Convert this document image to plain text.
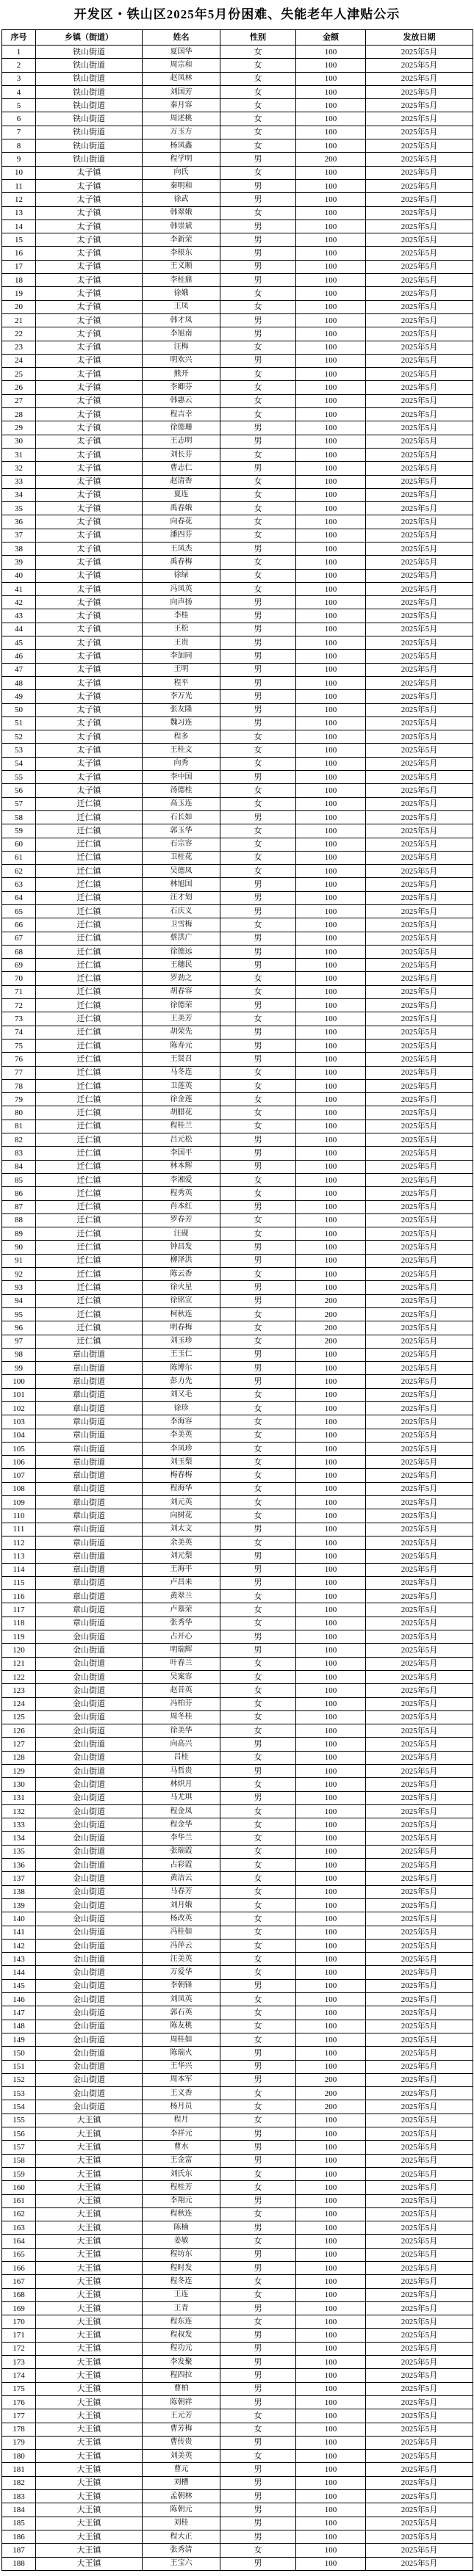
开发区・铁山区2025年5月份困难、失能老年人津贴公示
序号	乡镇（街道）	姓名	性别	金额	发放日期
1	铁山街道	夏国华	女	100	2025年5月
2	铁山街道	周宗和	女	100	2025年5月
3	铁山街道	赵凤林	女	100	2025年5月
4	铁山街道	刘国芳	女	100	2025年5月
5	铁山街道	秦月容	女	100	2025年5月
6	铁山街道	周述桃	女	100	2025年5月
7	铁山街道	万玉方	女	100	2025年5月
8	铁山街道	杨凤鑫	女	100	2025年5月
9	铁山街道	程学明	男	200	2025年5月
10	太子镇	向氏	女	100	2025年5月
11	太子镇	秦明和	男	100	2025年5月
12	太子镇	徐武	男	100	2025年5月
13	太子镇	韩翠娥	女	100	2025年5月
14	太子镇	韩崇斌	男	100	2025年5月
15	太子镇	李新荣	男	100	2025年5月
16	太子镇	李根东	男	100	2025年5月
17	太子镇	王义顺	男	100	2025年5月
18	太子镇	李桂鼎	男	100	2025年5月
19	太子镇	徐娥	女	100	2025年5月
20	太子镇	王凤	女	100	2025年5月
21	太子镇	韩才凤	男	100	2025年5月
22	太子镇	李旭南	男	100	2025年5月
23	太子镇	汪梅	女	100	2025年5月
24	太子镇	明欢兴	男	100	2025年5月
25	太子镇	熊开	女	100	2025年5月
26	太子镇	李卿芬	女	100	2025年5月
27	太子镇	韩惠云	女	100	2025年5月
28	太子镇	程吉幸	女	100	2025年5月
29	太子镇	徐德珊	男	100	2025年5月
30	太子镇	王志明	男	100	2025年5月
31	太子镇	刘长芬	女	100	2025年5月
32	太子镇	曹志仁	男	100	2025年5月
33	太子镇	赵清香	女	100	2025年5月
34	太子镇	夏连	女	100	2025年5月
35	太子镇	禹春娥	女	100	2025年5月
36	太子镇	向春花	女	100	2025年5月
37	太子镇	潘四芬	女	100	2025年5月
38	太子镇	王凤杰	男	100	2025年5月
39	太子镇	禹春梅	女	100	2025年5月
40	太子镇	徐绿	女	100	2025年5月
41	太子镇	冯凤英	女	100	2025年5月
42	太子镇	向声扬	男	100	2025年5月
43	太子镇	李桂	男	100	2025年5月
44	太子镇	王松	男	100	2025年5月
45	太子镇	王贵	男	100	2025年5月
46	太子镇	李加同	男	100	2025年5月
47	太子镇	王明	男	100	2025年5月
48	太子镇	程平	男	100	2025年5月
49	太子镇	李万光	男	100	2025年5月
50	太子镇	张友隆	男	100	2025年5月
51	太子镇	魏习连	男	100	2025年5月
52	太子镇	程多	女	100	2025年5月
53	太子镇	王桂文	女	100	2025年5月
54	太子镇	向秀	女	100	2025年5月
55	太子镇	李中国	男	100	2025年5月
56	太子镇	汤德桂	女	100	2025年5月
57	迁仁镇	高玉连	女	100	2025年5月
58	迁仁镇	石长如	男	100	2025年5月
59	迁仁镇	郭玉华	女	100	2025年5月
60	迁仁镇	石宗容	女	100	2025年5月
61	迁仁镇	卫桂花	女	100	2025年5月
62	迁仁镇	吴德凤	女	100	2025年5月
63	迁仁镇	林旭国	男	100	2025年5月
64	迁仁镇	汪才划	男	100	2025年5月
65	迁仁镇	石庆义	男	100	2025年5月
66	迁仁镇	卫雪梅	女	100	2025年5月
67	迁仁镇	蔡洪广	男	100	2025年5月
68	迁仁镇	徐德远	男	100	2025年5月
69	迁仁镇	王穗民	男	100	2025年5月
70	迁仁镇	罗劲之	女	100	2025年5月
71	迁仁镇	胡春容	女	100	2025年5月
72	迁仁镇	徐德荣	男	100	2025年5月
73	迁仁镇	王美芳	女	100	2025年5月
74	迁仁镇	胡荣先	男	100	2025年5月
75	迁仁镇	陈寿元	男	100	2025年5月
76	迁仁镇	王贤召	男	100	2025年5月
77	迁仁镇	马冬连	女	100	2025年5月
78	迁仁镇	卫莲英	女	100	2025年5月
79	迁仁镇	徐金莲	女	100	2025年5月
80	迁仁镇	胡腊花	女	100	2025年5月
81	迁仁镇	程桂兰	女	100	2025年5月
82	迁仁镇	吕元松	男	100	2025年5月
83	迁仁镇	李国平	男	100	2025年5月
84	迁仁镇	林本辉	男	100	2025年5月
85	迁仁镇	李湘爱	女	100	2025年5月
86	迁仁镇	程秀英	女	100	2025年5月
87	迁仁镇	肖本红	男	100	2025年5月
88	迁仁镇	罗春芳	女	100	2025年5月
89	迁仁镇	汪砚	女	100	2025年5月
90	迁仁镇	钟昌发	男	100	2025年5月
91	迁仁镇	柳泽洪	男	100	2025年5月
92	迁仁镇	陈云香	女	100	2025年5月
93	迁仁镇	徐火星	男	100	2025年5月
94	迁仁镇	徐铭宣	男	200	2025年5月
95	迁仁镇	柯秋连	女	200	2025年5月
96	迁仁镇	明春梅	女	200	2025年5月
97	迁仁镇	刘玉珍	女	200	2025年5月
98	章山街道	王玉仁	男	100	2025年5月
99	章山街道	陈博尔	男	100	2025年5月
100	章山街道	彭力先	男	100	2025年5月
101	章山街道	刘又毛	女	100	2025年5月
102	章山街道	徐珍	女	100	2025年5月
103	章山街道	李海容	女	100	2025年5月
104	章山街道	李美英	女	100	2025年5月
105	章山街道	李凤珍	女	100	2025年5月
106	章山街道	刘玉梨	女	100	2025年5月
107	章山街道	梅春梅	女	100	2025年5月
108	章山街道	程海华	女	100	2025年5月
109	章山街道	刘元英	女	100	2025年5月
110	章山街道	向树花	女	100	2025年5月
111	章山街道	刘太文	男	100	2025年5月
112	章山街道	余美英	女	100	2025年5月
113	章山街道	刘元梨	男	100	2025年5月
114	章山街道	王海平	男	100	2025年5月
115	章山街道	卢昌来	男	100	2025年5月
116	章山街道	黄翠兰	女	100	2025年5月
117	章山街道	卢慕荣	女	100	2025年5月
118	章山街道	张秀华	女	100	2025年5月
119	金山街道	占开心	男	100	2025年5月
120	金山街道	明瑞辉	男	100	2025年5月
121	金山街道	叶春兰	女	100	2025年5月
122	金山街道	吴案容	女	100	2025年5月
123	金山街道	赵昔英	女	100	2025年5月
124	金山街道	冯柏芬	女	100	2025年5月
125	金山街道	周冬桂	女	100	2025年5月
126	金山街道	徐美华	女	100	2025年5月
127	金山街道	向高兴	男	100	2025年5月
128	金山街道	吕桂	女	100	2025年5月
129	金山街道	马哲贵	男	100	2025年5月
130	金山街道	林炽月	女	100	2025年5月
131	金山街道	马尤琪	男	100	2025年5月
132	金山街道	程金凤	女	100	2025年5月
133	金山街道	程金华	女	100	2025年5月
134	金山街道	李华兰	女	100	2025年5月
135	金山街道	张瑞霞	女	100	2025年5月
136	金山街道	占彩霞	女	100	2025年5月
137	金山街道	黄洁云	女	100	2025年5月
138	金山街道	马春芳	女	100	2025年5月
139	金山街道	刘月娥	女	100	2025年5月
140	金山街道	杨改英	女	100	2025年5月
141	金山街道	冯桂如	女	100	2025年5月
142	金山街道	冯萍云	女	100	2025年5月
143	金山街道	汪美英	女	100	2025年5月
144	金山街道	万爱华	女	100	2025年5月
145	金山街道	李朝锋	男	100	2025年5月
146	金山街道	刘凤英	女	100	2025年5月
147	金山街道	郭石英	女	100	2025年5月
148	金山街道	陈友桃	女	100	2025年5月
149	金山街道	周桂如	女	100	2025年5月
150	金山街道	陈瑞火	男	100	2025年5月
151	金山街道	王华兴	男	100	2025年5月
152	金山街道	周本军	男	200	2025年5月
153	金山街道	王义香	女	200	2025年5月
154	金山街道	杨月员	女	200	2025年5月
155	大王镇	程月	女	100	2025年5月
156	大王镇	李祥元	男	100	2025年5月
157	大王镇	曹水	男	100	2025年5月
158	大王镇	王金富	男	100	2025年5月
159	大王镇	刘氏东	女	100	2025年5月
160	大王镇	程桂芳	女	100	2025年5月
161	大王镇	李翔元	男	100	2025年5月
162	大王镇	程秋连	女	100	2025年5月
163	大王镇	陈楠	男	100	2025年5月
164	大王镇	姜敏	女	100	2025年5月
165	大王镇	程坊东	男	100	2025年5月
166	大王镇	程时发	男	100	2025年5月
167	大王镇	程冬连	女	100	2025年5月
168	大王镇	王连	女	100	2025年5月
169	大王镇	王青	男	100	2025年5月
170	大王镇	程东连	女	100	2025年5月
171	大王镇	程叔发	男	100	2025年5月
172	大王镇	程功元	男	100	2025年5月
173	大王镇	李发聚	男	100	2025年5月
174	大王镇	程四拉	男	100	2025年5月
175	大王镇	曹柏	男	100	2025年5月
176	大王镇	陈朝祥	男	100	2025年5月
177	大王镇	王元芳	女	100	2025年5月
178	大王镇	曹芳梅	女	100	2025年5月
179	大王镇	曹传贵	男	100	2025年5月
180	大王镇	刘美英	女	100	2025年5月
181	大王镇	曹元	男	100	2025年5月
182	大王镇	刘槽	男	100	2025年5月
183	大王镇	孟朝林	男	100	2025年5月
184	大王镇	陈朝元	男	100	2025年5月
185	大王镇	刘桂	男	100	2025年5月
186	大王镇	程大正	男	100	2025年5月
187	大王镇	张秀清	女	100	2025年5月
188	大王镇	王宝六	男	100	2025年5月
